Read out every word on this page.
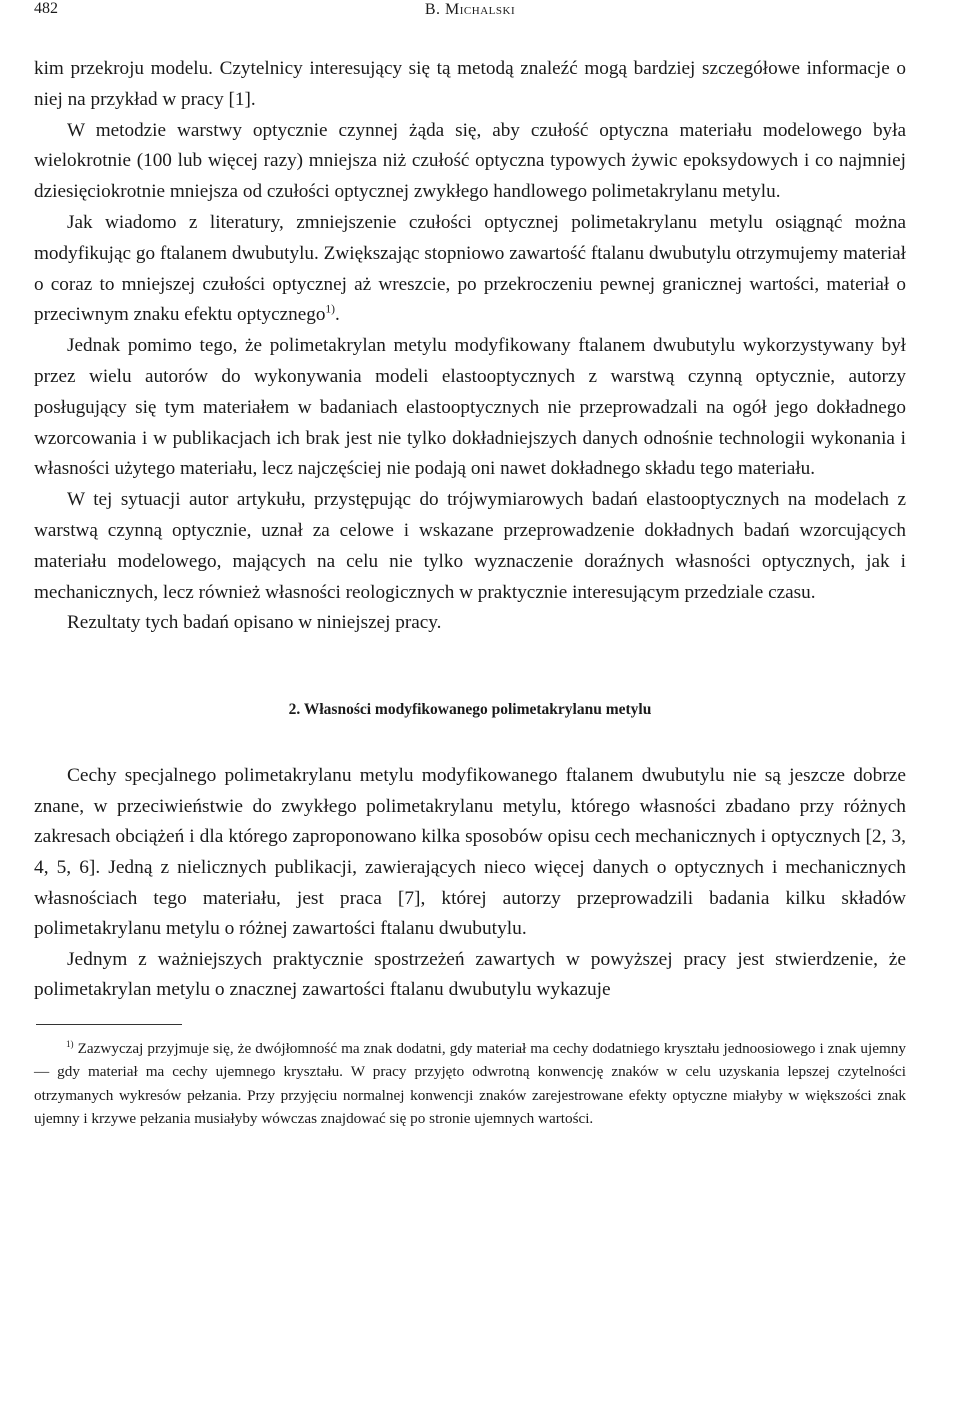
482	B. Michalski

kim przekroju modelu. Czytelnicy interesujący się tą metodą znaleźć mogą bardziej szczegółowe informacje o niej na przykład w pracy [1].

W metodzie warstwy optycznie czynnej żąda się, aby czułość optyczna materiału modelowego była wielokrotnie (100 lub więcej razy) mniejsza niż czułość optyczna typowych żywic epoksydowych i co najmniej dziesięciokrotnie mniejsza od czułości optycznej zwykłego handlowego polimetakrylanu metylu.

Jak wiadomo z literatury, zmniejszenie czułości optycznej polimetakrylanu metylu osiągnąć można modyfikując go ftalanem dwubutylu. Zwiększając stopniowo zawartość ftalanu dwubutylu otrzymujemy materiał o coraz to mniejszej czułości optycznej aż wreszcie, po przekroczeniu pewnej granicznej wartości, materiał o przeciwnym znaku efektu optycznego$^{1)}$.

Jednak pomimo tego, że polimetakrylan metylu modyfikowany ftalanem dwubutylu wykorzystywany był przez wielu autorów do wykonywania modeli elastooptycznych z warstwą czynną optycznie, autorzy posługujący się tym materiałem w badaniach elastooptycznych nie przeprowadzali na ogół jego dokładnego wzorcowania i w publikacjach ich brak jest nie tylko dokładniejszych danych odnośnie technologii wykonania i własności użytego materiału, lecz najczęściej nie podają oni nawet dokładnego składu tego materiału.

W tej sytuacji autor artykułu, przystępując do trójwymiarowych badań elastooptycznych na modelach z warstwą czynną optycznie, uznał za celowe i wskazane przeprowadzenie dokładnych badań wzorcujących materiału modelowego, mających na celu nie tylko wyznaczenie doraźnych własności optycznych, jak i mechanicznych, lecz również własności reologicznych w praktycznie interesującym przedziale czasu.

Rezultaty tych badań opisano w niniejszej pracy.

2. Własności modyfikowanego polimetakrylanu metylu

Cechy specjalnego polimetakrylanu metylu modyfikowanego ftalanem dwubutylu nie są jeszcze dobrze znane, w przeciwieństwie do zwykłego polimetakrylanu metylu, którego własności zbadano przy różnych zakresach obciążeń i dla którego zaproponowano kilka sposobów opisu cech mechanicznych i optycznych [2, 3, 4, 5, 6]. Jedną z nielicznych publikacji, zawierających nieco więcej danych o optycznych i mechanicznych własnościach tego materiału, jest praca [7], której autorzy przeprowadzili badania kilku składów polimetakrylanu metylu o różnej zawartości ftalanu dwubutylu.

Jednym z ważniejszych praktycznie spostrzeżeń zawartych w powyższej pracy jest stwierdzenie, że polimetakrylan metylu o znacznej zawartości ftalanu dwubutylu wykazuje

$^{1)}$ Zazwyczaj przyjmuje się, że dwójłomność ma znak dodatni, gdy materiał ma cechy dodatniego kryształu jednoosiowego i znak ujemny — gdy materiał ma cechy ujemnego kryształu. W pracy przyjęto odwrotną konwencję znaków w celu uzyskania lepszej czytelności otrzymanych wykresów pełzania. Przy przyjęciu normalnej konwencji znaków zarejestrowane efekty optyczne miałyby w większości znak ujemny i krzywe pełzania musiałyby wówczas znajdować się po stronie ujemnych wartości.
